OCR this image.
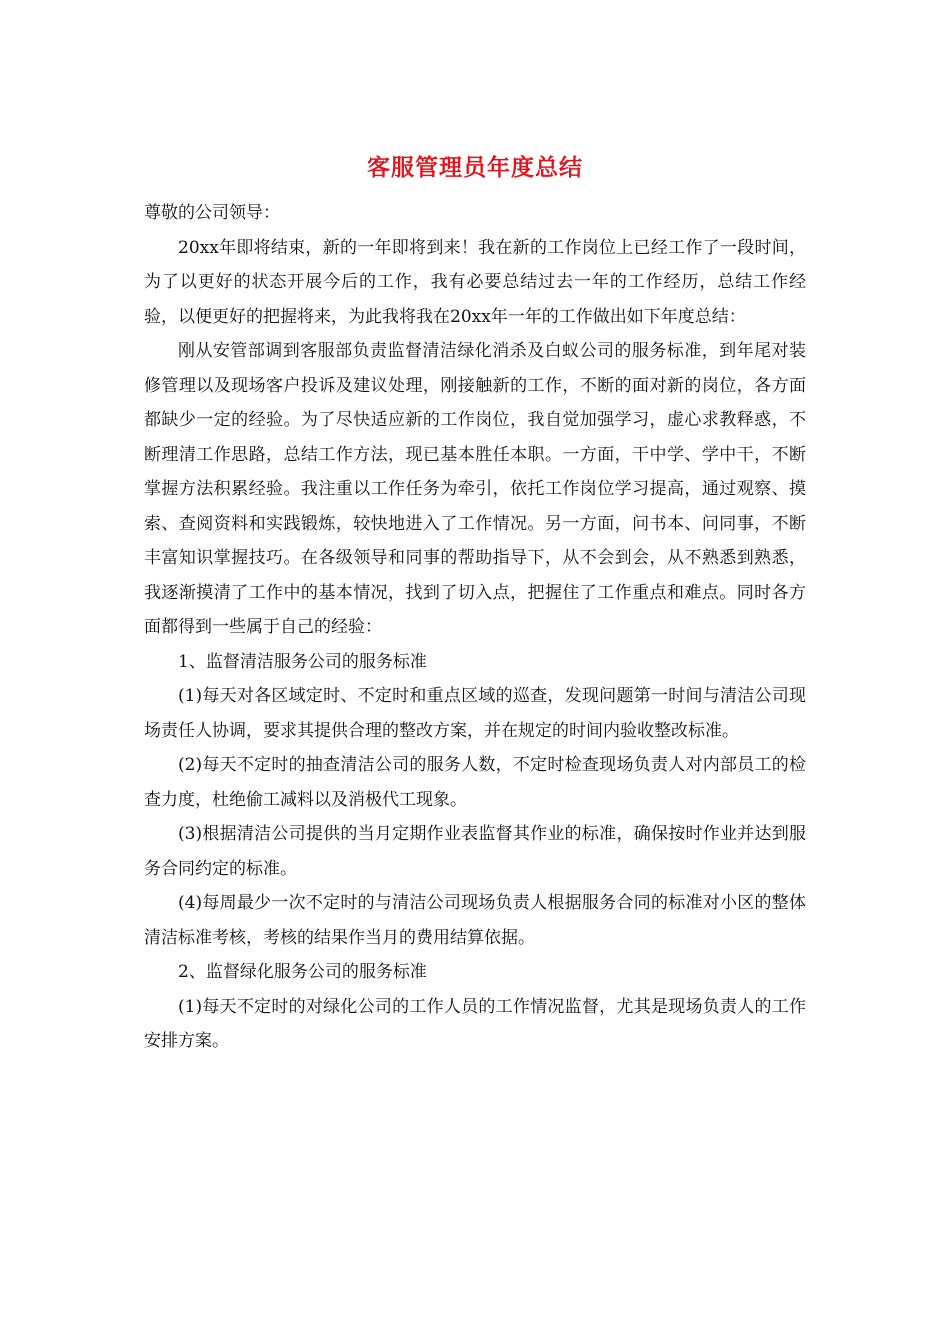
客服管理员年度总结

尊敬的公司领导：

20xx年即将结束，新的一年即将到来！我在新的工作岗位上已经工作了一段时间，为了以更好的状态开展今后的工作，我有必要总结过去一年的工作经历，总结工作经验，以便更好的把握将来，为此我将我在20xx年一年的工作做出如下年度总结：

刚从安管部调到客服部负责监督清洁绿化消杀及白蚁公司的服务标准，到年尾对装修管理以及现场客户投诉及建议处理，刚接触新的工作，不断的面对新的岗位，各方面都缺少一定的经验。为了尽快适应新的工作岗位，我自觉加强学习，虚心求教释惑，不断理清工作思路，总结工作方法，现已基本胜任本职。一方面，干中学、学中干，不断掌握方法积累经验。我注重以工作任务为牵引，依托工作岗位学习提高，通过观察、摸索、查阅资料和实践锻炼，较快地进入了工作情况。另一方面，问书本、问同事，不断丰富知识掌握技巧。在各级领导和同事的帮助指导下，从不会到会，从不熟悉到熟悉，我逐渐摸清了工作中的基本情况，找到了切入点，把握住了工作重点和难点。同时各方面都得到一些属于自己的经验：

1、监督清洁服务公司的服务标准

(1)每天对各区域定时、不定时和重点区域的巡查，发现问题第一时间与清洁公司现场责任人协调，要求其提供合理的整改方案，并在规定的时间内验收整改标准。

(2)每天不定时的抽查清洁公司的服务人数，不定时检查现场负责人对内部员工的检查力度，杜绝偷工减料以及消极代工现象。

(3)根据清洁公司提供的当月定期作业表监督其作业的标准，确保按时作业并达到服务合同约定的标准。

(4)每周最少一次不定时的与清洁公司现场负责人根据服务合同的标准对小区的整体清洁标准考核，考核的结果作当月的费用结算依据。

2、监督绿化服务公司的服务标准

(1)每天不定时的对绿化公司的工作人员的工作情况监督，尤其是现场负责人的工作安排方案。
